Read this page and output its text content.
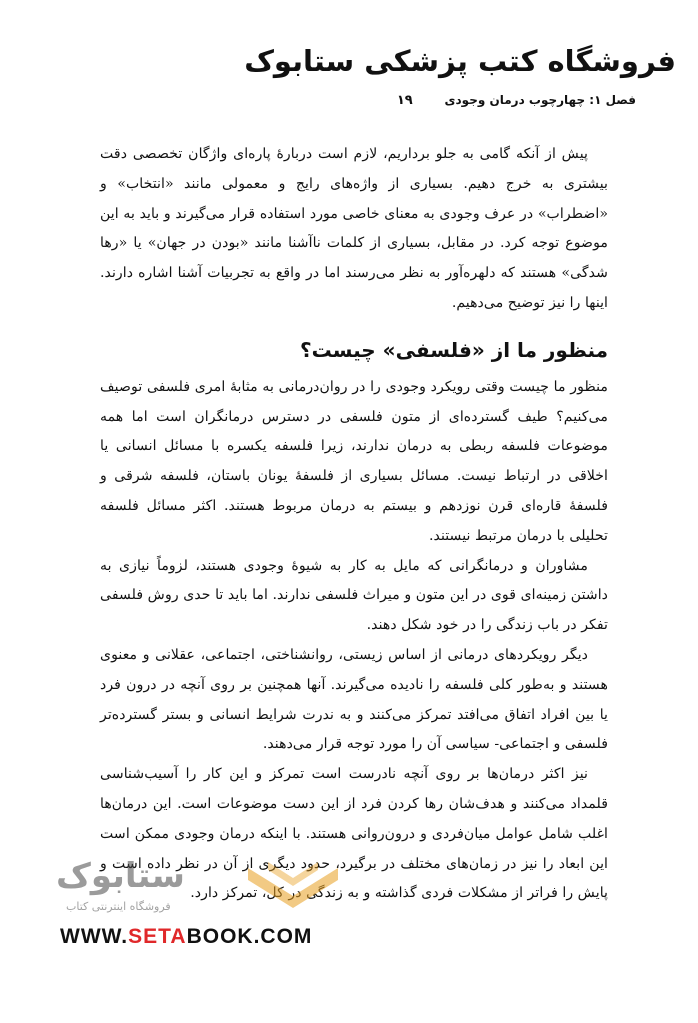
فروشگاه کتب پزشکی ستابوک
فصل ۱: چهارچوب درمان وجودی ۱۹

پیش از آنکه گامی به جلو برداریم، لازم است دربارۀ پاره‌ای واژگان تخصصی دقت بیشتری به خرج دهیم. بسیاری از واژه‌های رایج و معمولی مانند «انتخاب» و «اضطراب» در عرف وجودی به معنای خاصی مورد استفاده قرار می‌گیرند و باید به این موضوع توجه کرد. در مقابل، بسیاری از کلمات ناآشنا مانند «بودن در جهان» یا «رها شدگی» هستند که دلهره‌آور به نظر می‌رسند اما در واقع به تجربیات آشنا اشاره دارند. اینها را نیز توضیح می‌دهیم.

منظور ما از «فلسفی» چیست؟

منظور ما چیست وقتی رویکرد وجودی را در روان‌درمانی به مثابۀ امری فلسفی توصیف می‌کنیم؟ طیف گسترده‌ای از متون فلسفی در دسترس درمانگران است اما همه موضوعات فلسفه ربطی به درمان ندارند، زیرا فلسفه یکسره با مسائل انسانی یا اخلاقی در ارتباط نیست. مسائل بسیاری از فلسفۀ یونان باستان، فلسفه شرقی و فلسفۀ قاره‌ای قرن نوزدهم و بیستم به درمان مربوط هستند. اکثر مسائل فلسفه تحلیلی با درمان مرتبط نیستند.

مشاوران و درمانگرانی که مایل به کار به شیوۀ وجودی هستند، لزوماً نیازی به داشتن زمینه‌ای قوی در این متون و میراث فلسفی ندارند. اما باید تا حدی روش فلسفی تفکر در باب زندگی را در خود شکل دهند.

دیگر رویکردهای درمانی از اساس زیستی، روانشناختی، اجتماعی، عقلانی و معنوی هستند و به‌طور کلی فلسفه را نادیده می‌گیرند. آنها همچنین بر روی آنچه در درون فرد یا بین افراد اتفاق می‌افتد تمرکز می‌کنند و به ندرت شرایط انسانی و بستر گسترده‌تر فلسفی و اجتماعی- سیاسی آن را مورد توجه قرار می‌دهند.

نیز اکثر درمان‌ها بر روی آنچه نادرست است تمرکز و این کار را آسیب‌شناسی قلمداد می‌کنند و هدف‌شان رها کردن فرد از این دست موضوعات است. این درمان‌ها اغلب شامل عوامل میان‌فردی و درون‌روانی هستند. با اینکه درمان وجودی ممکن است این ابعاد را نیز در زمان‌های مختلف در برگیرد، حدود دیگری از آن در نظر داده است و پایش را فراتر از مشکلات فردی گذاشته و به زندگی در کل، تمرکز دارد.

ستابوک
فروشگاه اینترنتی کتاب
WWW.SETABOOK.COM
